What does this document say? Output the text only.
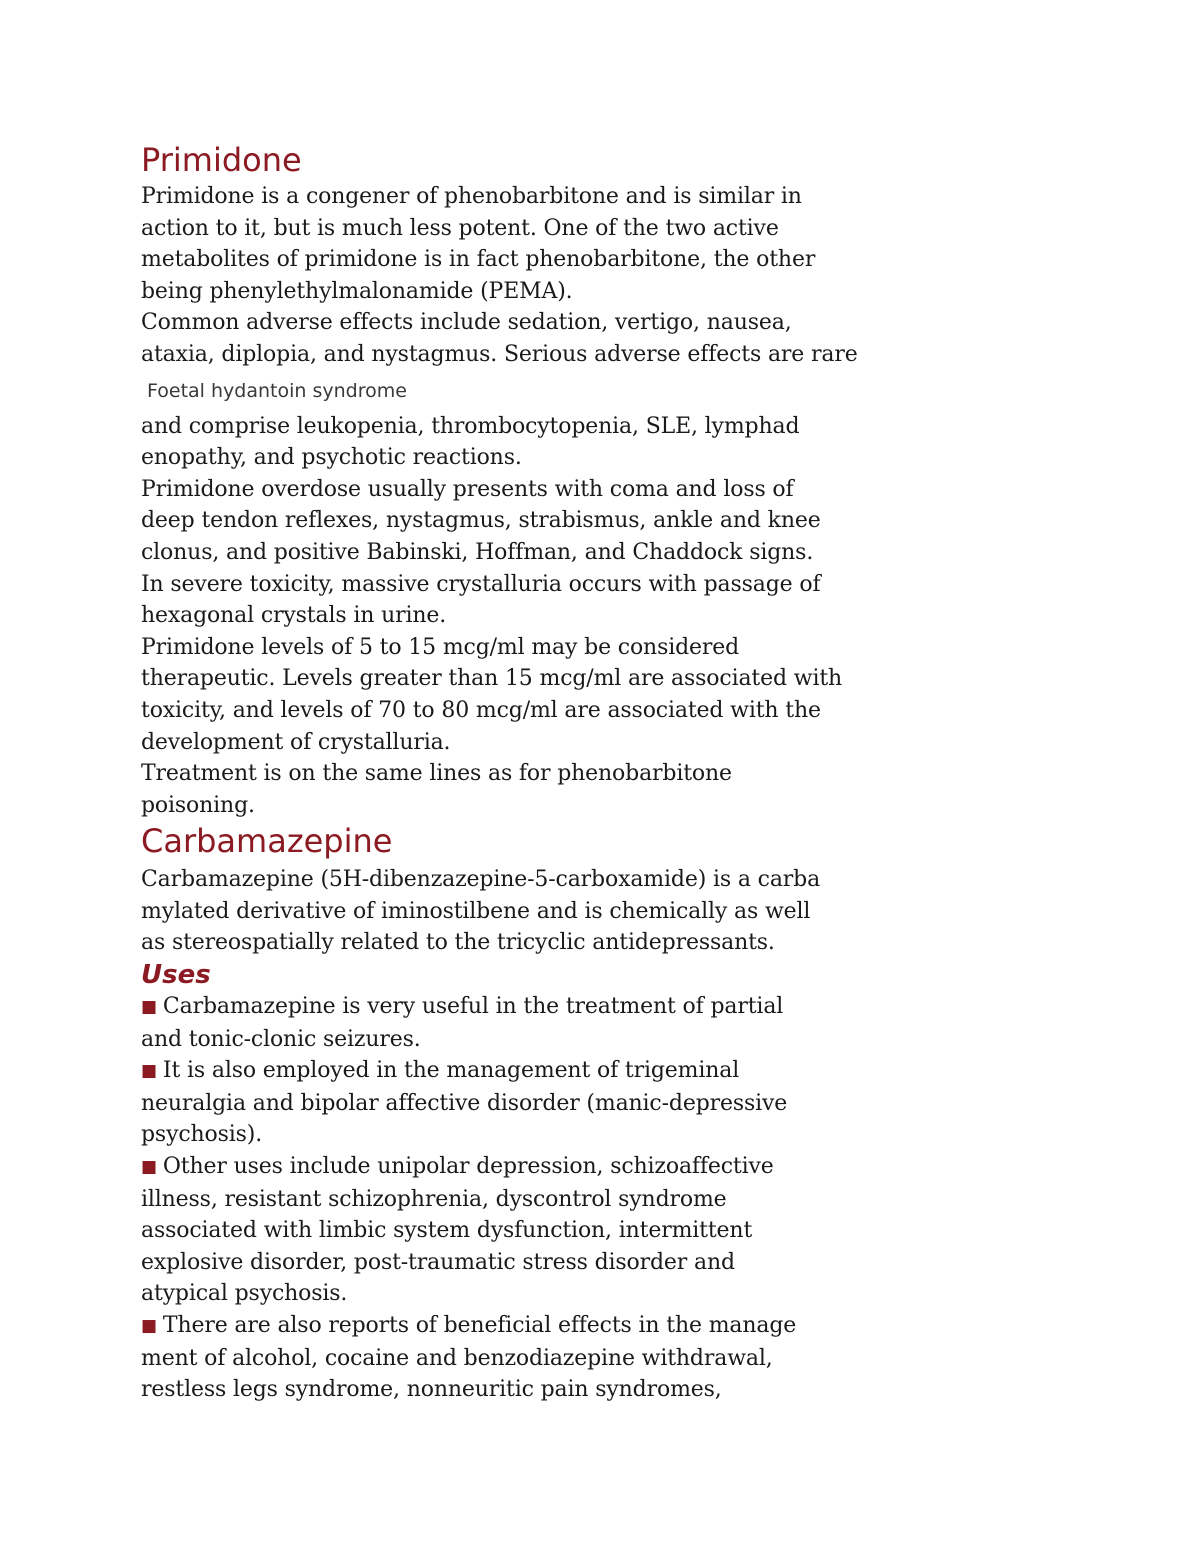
Primidone

Primidone is a congener of phenobarbitone and is similar in

action to it, but is much less potent. One of the two active

metabolites of primidone is in fact phenobarbitone, the other

being phenylethylmalonamide (PEMA).

Common adverse effects include sedation, vertigo, nausea,

ataxia, diplopia, and nystagmus. Serious adverse effects are rare

Foetal hydantoin syndrome

and comprise leukopenia, thrombocytopenia, SLE, lymphad

enopathy, and psychotic reactions.

Primidone overdose usually presents with coma and loss of

deep tendon reflexes, nystagmus, strabismus, ankle and knee

clonus, and positive Babinski, Hoffman, and Chaddock signs.

In severe toxicity, massive crystalluria occurs with passage of

hexagonal crystals in urine.

Primidone levels of 5 to 15 mcg/ml may be considered

therapeutic. Levels greater than 15 mcg/ml are associated with

toxicity, and levels of 70 to 80 mcg/ml are associated with the

development of crystalluria.

Treatment is on the same lines as for phenobarbitone

poisoning.

Carbamazepine

Carbamazepine (5H-dibenzazepine-5-carboxamide) is a carba

mylated derivative of iminostilbene and is chemically as well

as stereospatially related to the tricyclic antidepressants.

Uses

■ Carbamazepine is very useful in the treatment of partial

and tonic-clonic seizures.

■ It is also employed in the management of trigeminal

neuralgia and bipolar affective disorder (manic-depressive

psychosis).

■ Other uses include unipolar depression, schizoaffective

illness, resistant schizophrenia, dyscontrol syndrome

associated with limbic system dysfunction, intermittent

explosive disorder, post-traumatic stress disorder and

atypical psychosis.

■ There are also reports of beneficial effects in the manage

ment of alcohol, cocaine and benzodiazepine withdrawal,

restless legs syndrome, nonneuritic pain syndromes,
